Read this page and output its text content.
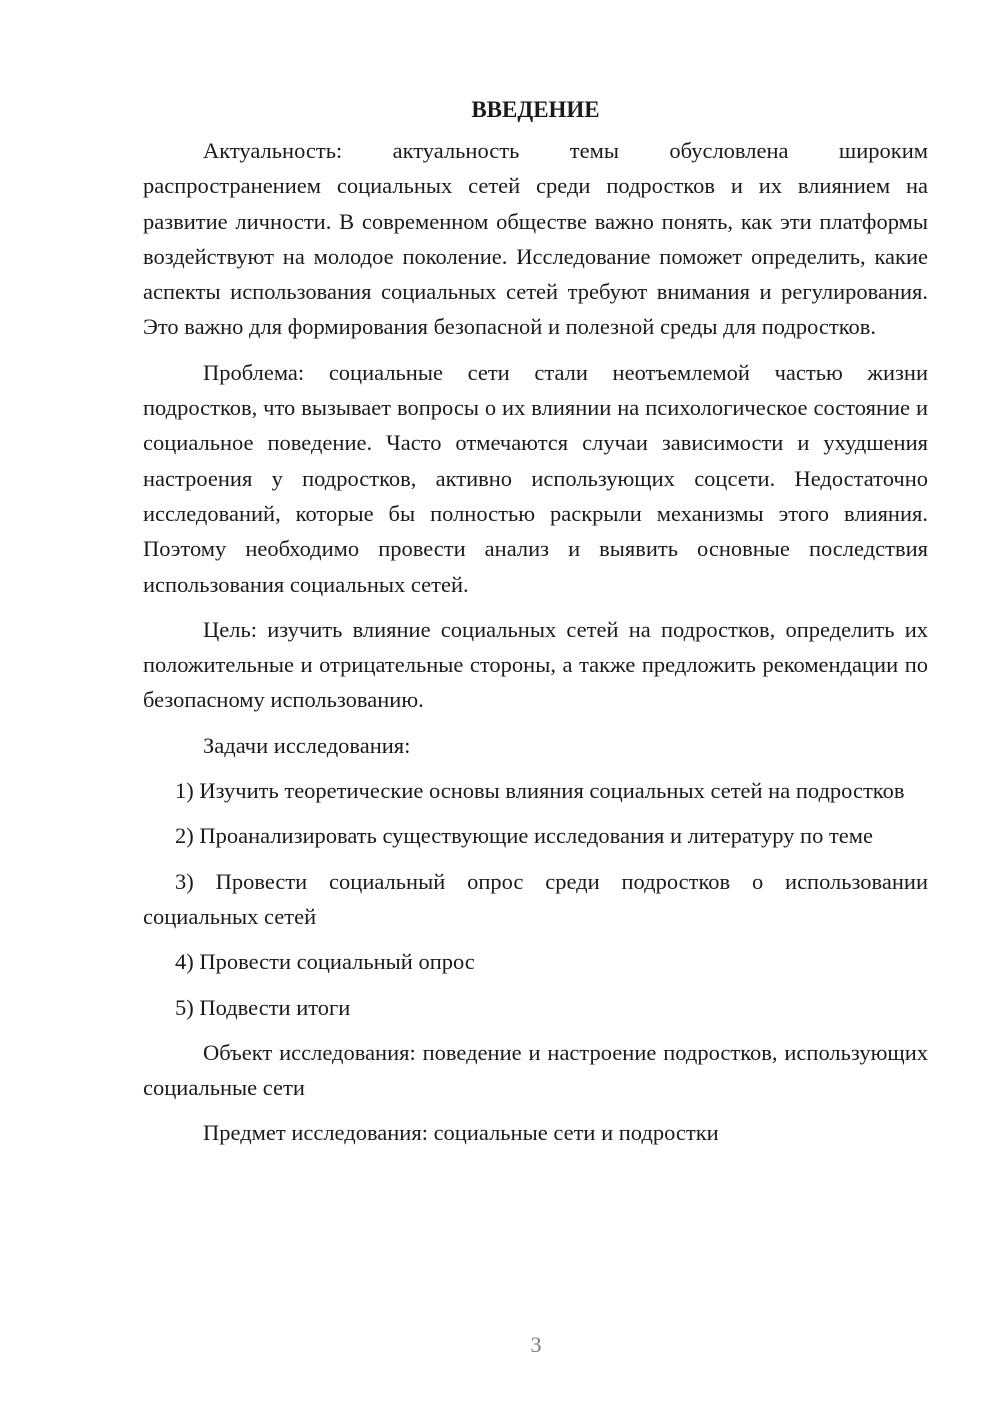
ВВЕДЕНИЕ

Актуальность: актуальность темы обусловлена широким распространением социальных сетей среди подростков и их влиянием на развитие личности. В современном обществе важно понять, как эти платформы воздействуют на молодое поколение. Исследование поможет определить, какие аспекты использования социальных сетей требуют внимания и регулирования. Это важно для формирования безопасной и полезной среды для подростков.

Проблема: социальные сети стали неотъемлемой частью жизни подростков, что вызывает вопросы о их влиянии на психологическое состояние и социальное поведение. Часто отмечаются случаи зависимости и ухудшения настроения у подростков, активно использующих соцсети. Недостаточно исследований, которые бы полностью раскрыли механизмы этого влияния. Поэтому необходимо провести анализ и выявить основные последствия использования социальных сетей.

Цель: изучить влияние социальных сетей на подростков, определить их положительные и отрицательные стороны, а также предложить рекомендации по безопасному использованию.

Задачи исследования:

1) Изучить теоретические основы влияния социальных сетей на подростков

2) Проанализировать существующие исследования и литературу по теме

3) Провести социальный опрос среди подростков о использовании социальных сетей

4) Провести социальный опрос

5) Подвести итоги

Объект исследования: поведение и настроение подростков, использующих социальные сети

Предмет исследования: социальные сети и подростки

3
